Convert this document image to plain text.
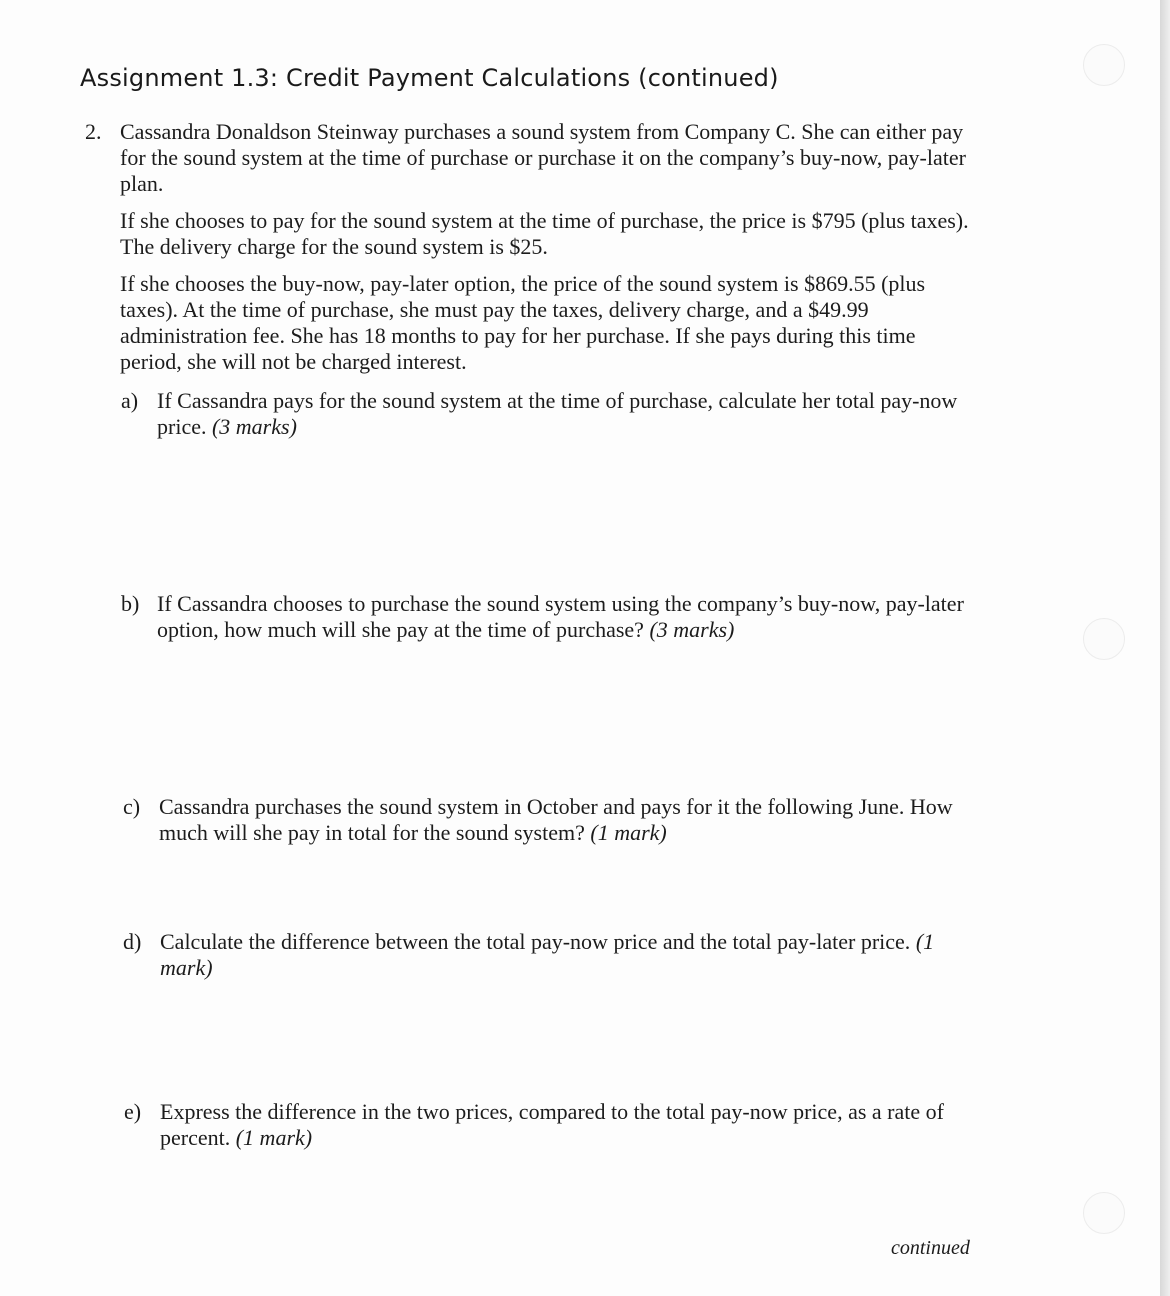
Assignment 1.3: Credit Payment Calculations (continued)
2. Cassandra Donaldson Steinway purchases a sound system from Company C. She can either pay for the sound system at the time of purchase or purchase it on the company’s buy-now, pay-later plan.
If she chooses to pay for the sound system at the time of purchase, the price is $795 (plus taxes). The delivery charge for the sound system is $25.
If she chooses the buy-now, pay-later option, the price of the sound system is $869.55 (plus taxes). At the time of purchase, she must pay the taxes, delivery charge, and a $49.99 administration fee. She has 18 months to pay for her purchase. If she pays during this time period, she will not be charged interest.
a) If Cassandra pays for the sound system at the time of purchase, calculate her total pay-now price. (3 marks)
b) If Cassandra chooses to purchase the sound system using the company’s buy-now, pay-later option, how much will she pay at the time of purchase? (3 marks)
c) Cassandra purchases the sound system in October and pays for it the following June. How much will she pay in total for the sound system? (1 mark)
d) Calculate the difference between the total pay-now price and the total pay-later price. (1 mark)
e) Express the difference in the two prices, compared to the total pay-now price, as a rate of percent. (1 mark)
continued
